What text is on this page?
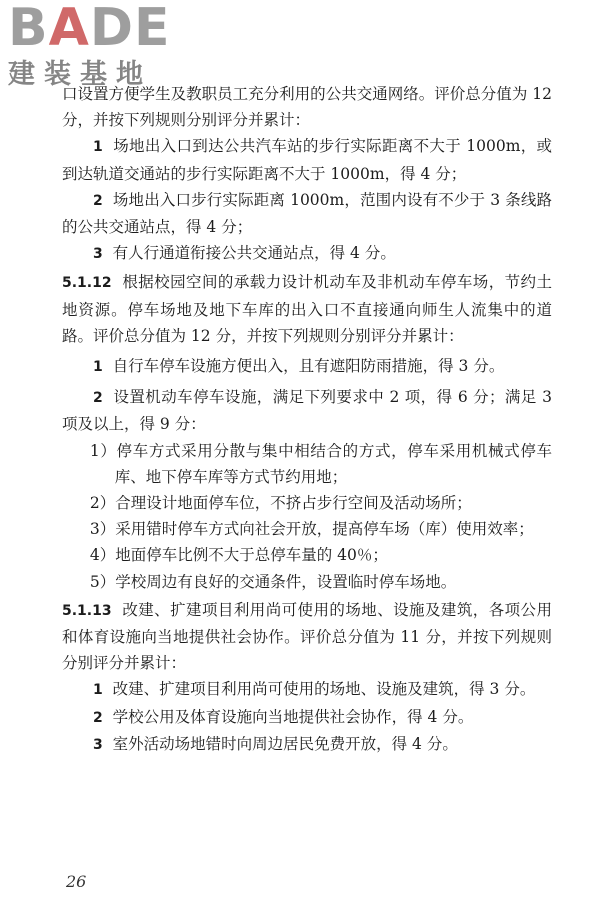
BADE
建装基地

口设置方便学生及教职员工充分利用的公共交通网络。评价总分值为 12 分，并按下列规则分别评分并累计：

1 场地出入口到达公共汽车站的步行实际距离不大于 1000m，或到达轨道交通站的步行实际距离不大于 1000m，得 4 分；

2 场地出入口步行实际距离 1000m，范围内设有不少于 3 条线路的公共交通站点，得 4 分；

3 有人行通道衔接公共交通站点，得 4 分。

5.1.12 根据校园空间的承载力设计机动车及非机动车停车场，节约土地资源。停车场地及地下车库的出入口不直接通向师生人流集中的道路。评价总分值为 12 分，并按下列规则分别评分并累计：

1 自行车停车设施方便出入，且有遮阳防雨措施，得 3 分。

2 设置机动车停车设施，满足下列要求中 2 项，得 6 分；满足 3 项及以上，得 9 分：

1）停车方式采用分散与集中相结合的方式，停车采用机械式停车库、地下停车库等方式节约用地；

2）合理设计地面停车位，不挤占步行空间及活动场所；

3）采用错时停车方式向社会开放，提高停车场（库）使用效率；

4）地面停车比例不大于总停车量的 40％；

5）学校周边有良好的交通条件，设置临时停车场地。

5.1.13 改建、扩建项目利用尚可使用的场地、设施及建筑，各项公用和体育设施向当地提供社会协作。评价总分值为 11 分，并按下列规则分别评分并累计：

1 改建、扩建项目利用尚可使用的场地、设施及建筑，得 3 分。

2 学校公用及体育设施向当地提供社会协作，得 4 分。

3 室外活动场地错时向周边居民免费开放，得 4 分。

26
